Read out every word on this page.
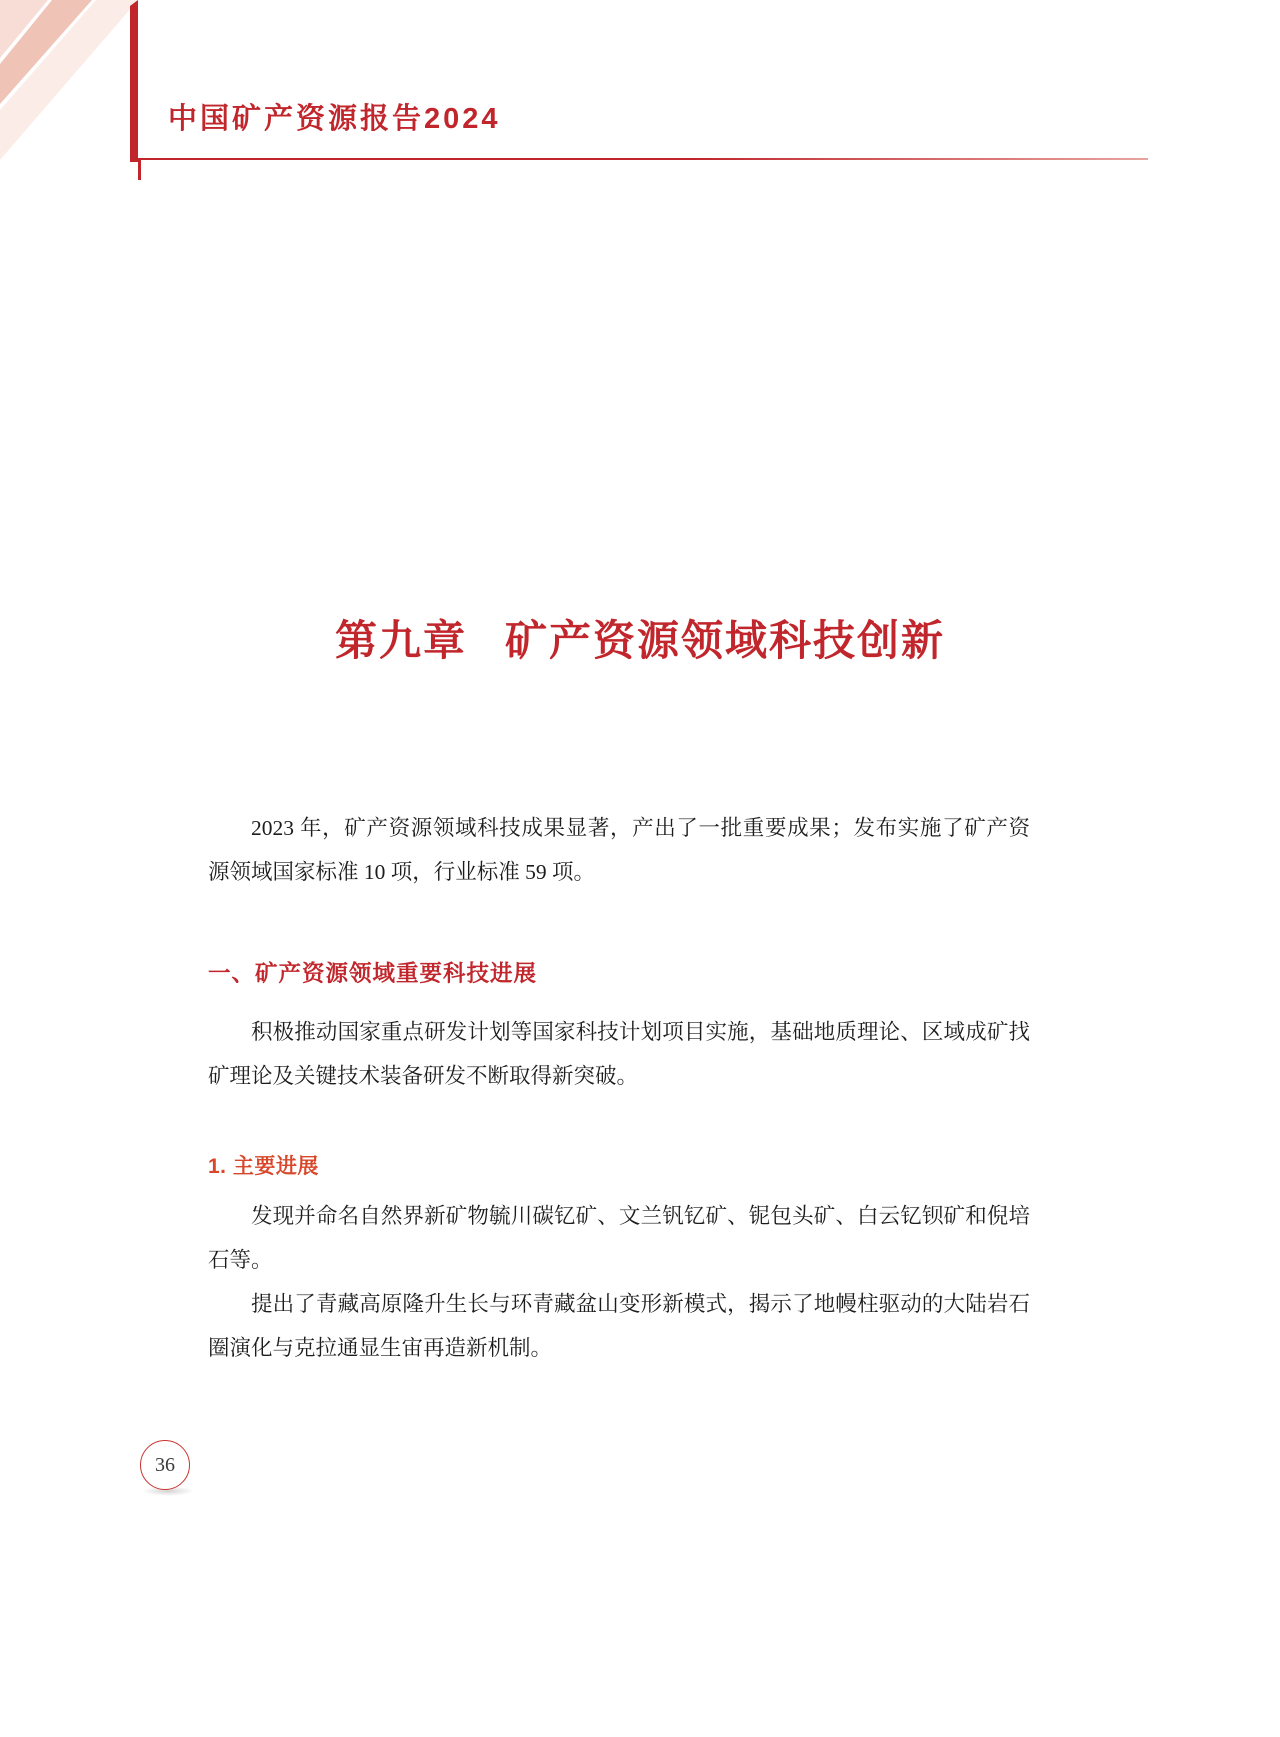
中国矿产资源报告2024
第九章 矿产资源领域科技创新

2023 年，矿产资源领域科技成果显著，产出了一批重要成果；发布实施了矿产资源领域国家标准 10 项，行业标准 59 项。

一、矿产资源领域重要科技进展

积极推动国家重点研发计划等国家科技计划项目实施，基础地质理论、区域成矿找矿理论及关键技术装备研发不断取得新突破。

1. 主要进展

发现并命名自然界新矿物毓川碳钇矿、文兰钒钇矿、铌包头矿、白云钇钡矿和倪培石等。

提出了青藏高原隆升生长与环青藏盆山变形新模式，揭示了地幔柱驱动的大陆岩石圈演化与克拉通显生宙再造新机制。

36
